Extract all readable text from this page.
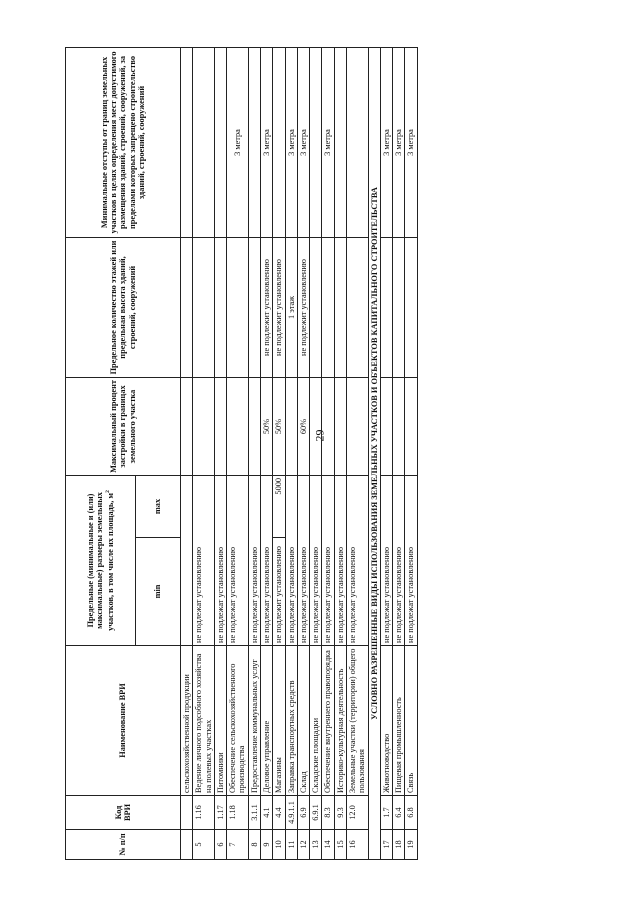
29
№ п/п	Код ВРИ	Наименование ВРИ	Предельные (минимальные и (или) максимальные) размеры земельных участков, в том числе их площадь, $м^2$		Максимальный процент застройки в границах земельного участка	Предельное количество этажей или предельная высота зданий, строений, сооружений	Минимальные отступы от границ земельных участков в целях определения мест допустимого размещения зданий, строений, сооружений, за пределами которых запрещено строительство зданий, строений, сооружений
			min	max			
		сельскохозяйственной продукции					
5	1.16	Ведение личного подсобного хозяйства на полевых участках	не подлежат установлению				
6	1.17	Питомники	не подлежат установлению				
7	1.18	Обеспечение сельскохозяйственного производства	не подлежат установлению				3 метра
8	3.1.1	Предоставление коммунальных услуг	не подлежат установлению				
9	4.1	Деловое управление	не подлежат установлению		50%	не подлежит установлению	3 метра
10	4.4	Магазины	не подлежит установлению	5000	50%	не подлежит установлению	
11	4.9.1.1	Заправка транспортных средств	не подлежат установлению			1 этаж	3 метра
12	6.9	Склад	не подлежат установлению		60%	не подлежит установлению	3 метра
13	6.9.1	Складские площадки	не подлежат установлению				
14	8.3	Обеспечение внутреннего правопорядка	не подлежат установлению				3 метра
15	9.3	Историко-культурная деятельность	не подлежат установлению				
16	12.0	Земельные участки (территории) общего пользования	не подлежат установлению				
УСЛОВНО РАЗРЕШЕННЫЕ ВИДЫ ИСПОЛЬЗОВАНИЯ ЗЕМЕЛЬНЫХ УЧАСТКОВ И ОБЪЕКТОВ КАПИТАЛЬНОГО СТРОИТЕЛЬСТВА							
17	1.7	Животноводство	не подлежат установлению				3 метра
18	6.4	Пищевая промышленность	не подлежат установлению				3 метра
19	6.8	Связь	не подлежат установлению				3 метра
